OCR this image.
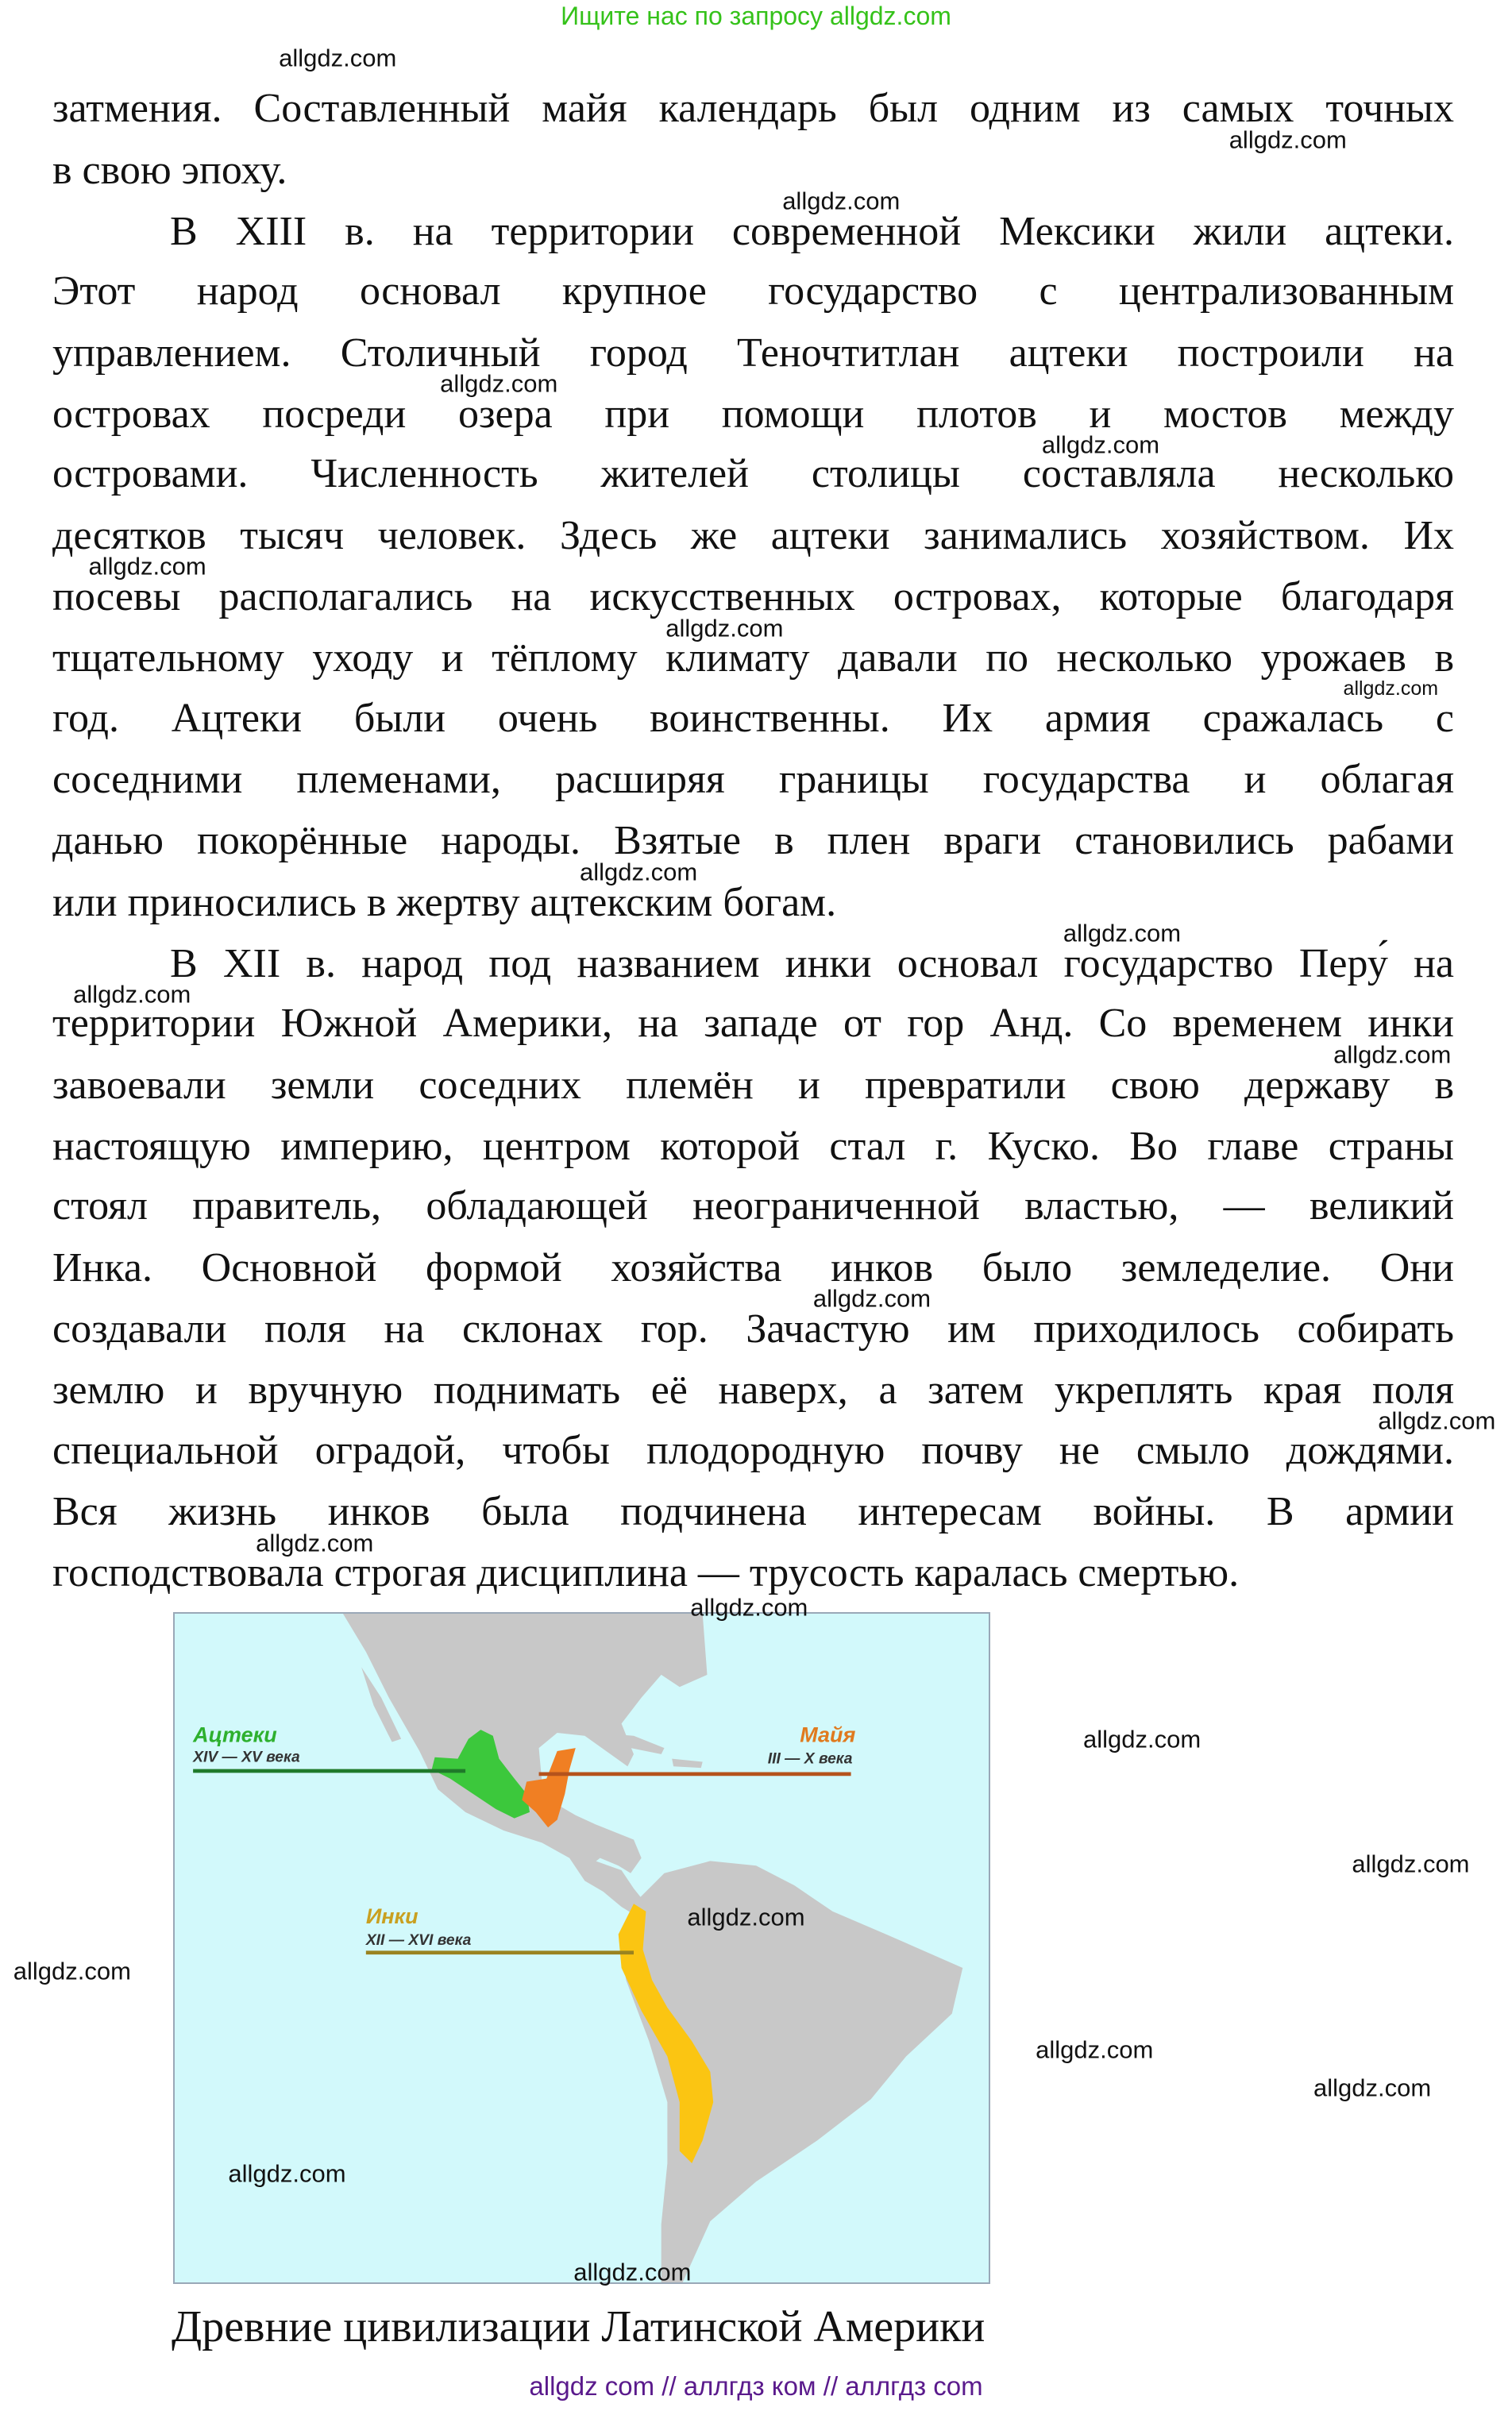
Ищите нас по запросу allgdz.com
затмения. Составленный майя календарь был одним из самых точных
в свою эпоху.
В XIII в. на территории современной Мексики жили ацтеки.
Этот народ основал крупное государство с централизованным
управлением. Столичный город Теночтитлан ацтеки построили на
островах посреди озера при помощи плотов и мостов между
островами. Численность жителей столицы составляла несколько
десятков тысяч человек. Здесь же ацтеки занимались хозяйством. Их
посевы располагались на искусственных островах, которые благодаря
тщательному уходу и тёплому климату давали по несколько урожаев в
год. Ацтеки были очень воинственны. Их армия сражалась с
соседними племенами, расширяя границы государства и облагая
данью покорённые народы. Взятые в плен враги становились рабами
или приносились в жертву ацтекским богам.
В XII в. народ под названием инки основал государство Перу́ на
территории Южной Америки, на западе от гор Анд. Со временем инки
завоевали земли соседних племён и превратили свою державу в
настоящую империю, центром которой стал г. Куско. Во главе страны
стоял правитель, обладающей неограниченной властью, — великий
Инка. Основной формой хозяйства инков было земледелие. Они
создавали поля на склонах гор. Зачастую им приходилось собирать
землю и вручную поднимать её наверх, а затем укреплять края поля
специальной оградой, чтобы плодородную почву не смыло дождями.
Вся жизнь инков была подчинена интересам войны. В армии
господствовала строгая дисциплина — трусость каралась смертью.
allgdz.com
allgdz.com
allgdz.com
allgdz.com
allgdz.com
allgdz.com
allgdz.com
allgdz.com
allgdz.com
allgdz.com
allgdz.com
allgdz.com
allgdz.com
allgdz.com
allgdz.com
allgdz.com
allgdz.com
allgdz.com
allgdz.com
allgdz.com
allgdz.com
allgdz.com
allgdz.com
allgdz.com
Ацтеки
XIV — XV века
Майя
III — X века
Инки
XII — XVI века
Древние цивилизации Латинской Америки
allgdz com // аллгдз ком // аллгдз com
